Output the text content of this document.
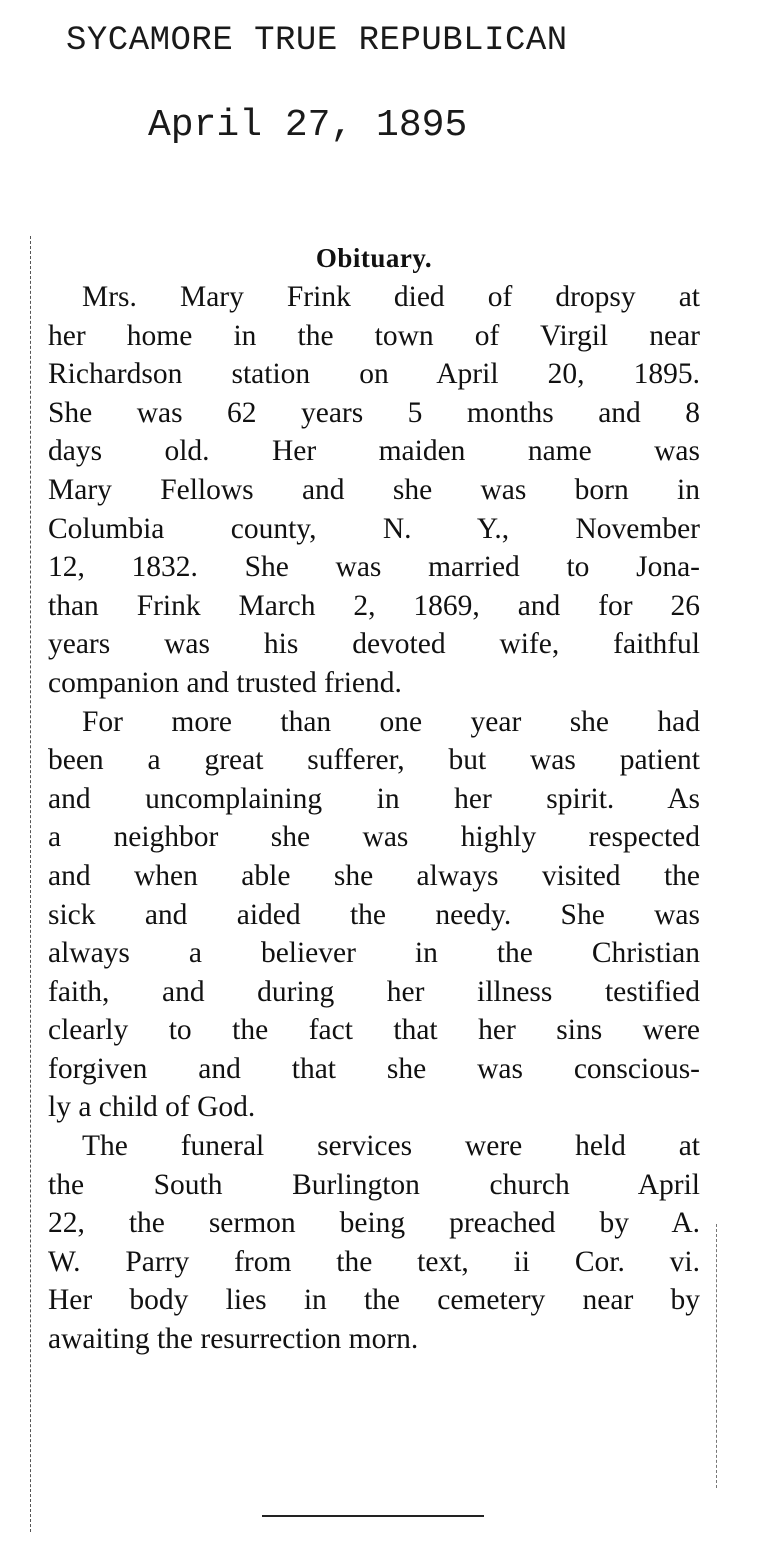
SYCAMORE TRUE REPUBLICAN
April 27, 1895
Obituary.
Mrs. Mary Frink died of dropsy at
her home in the town of Virgil near
Richardson station on April 20, 1895.
She was 62 years 5 months and 8
days old. Her maiden name was
Mary Fellows and she was born in
Columbia county, N. Y., November
12, 1832. She was married to Jona-
than Frink March 2, 1869, and for 26
years was his devoted wife, faithful
companion and trusted friend.
For more than one year she had
been a great sufferer, but was patient
and uncomplaining in her spirit. As
a neighbor she was highly respected
and when able she always visited the
sick and aided the needy. She was
always a believer in the Christian
faith, and during her illness testified
clearly to the fact that her sins were
forgiven and that she was conscious-
ly a child of God.
The funeral services were held at
the South Burlington church April
22, the sermon being preached by A.
W. Parry from the text, ii Cor. vi.
Her body lies in the cemetery near by
awaiting the resurrection morn.
